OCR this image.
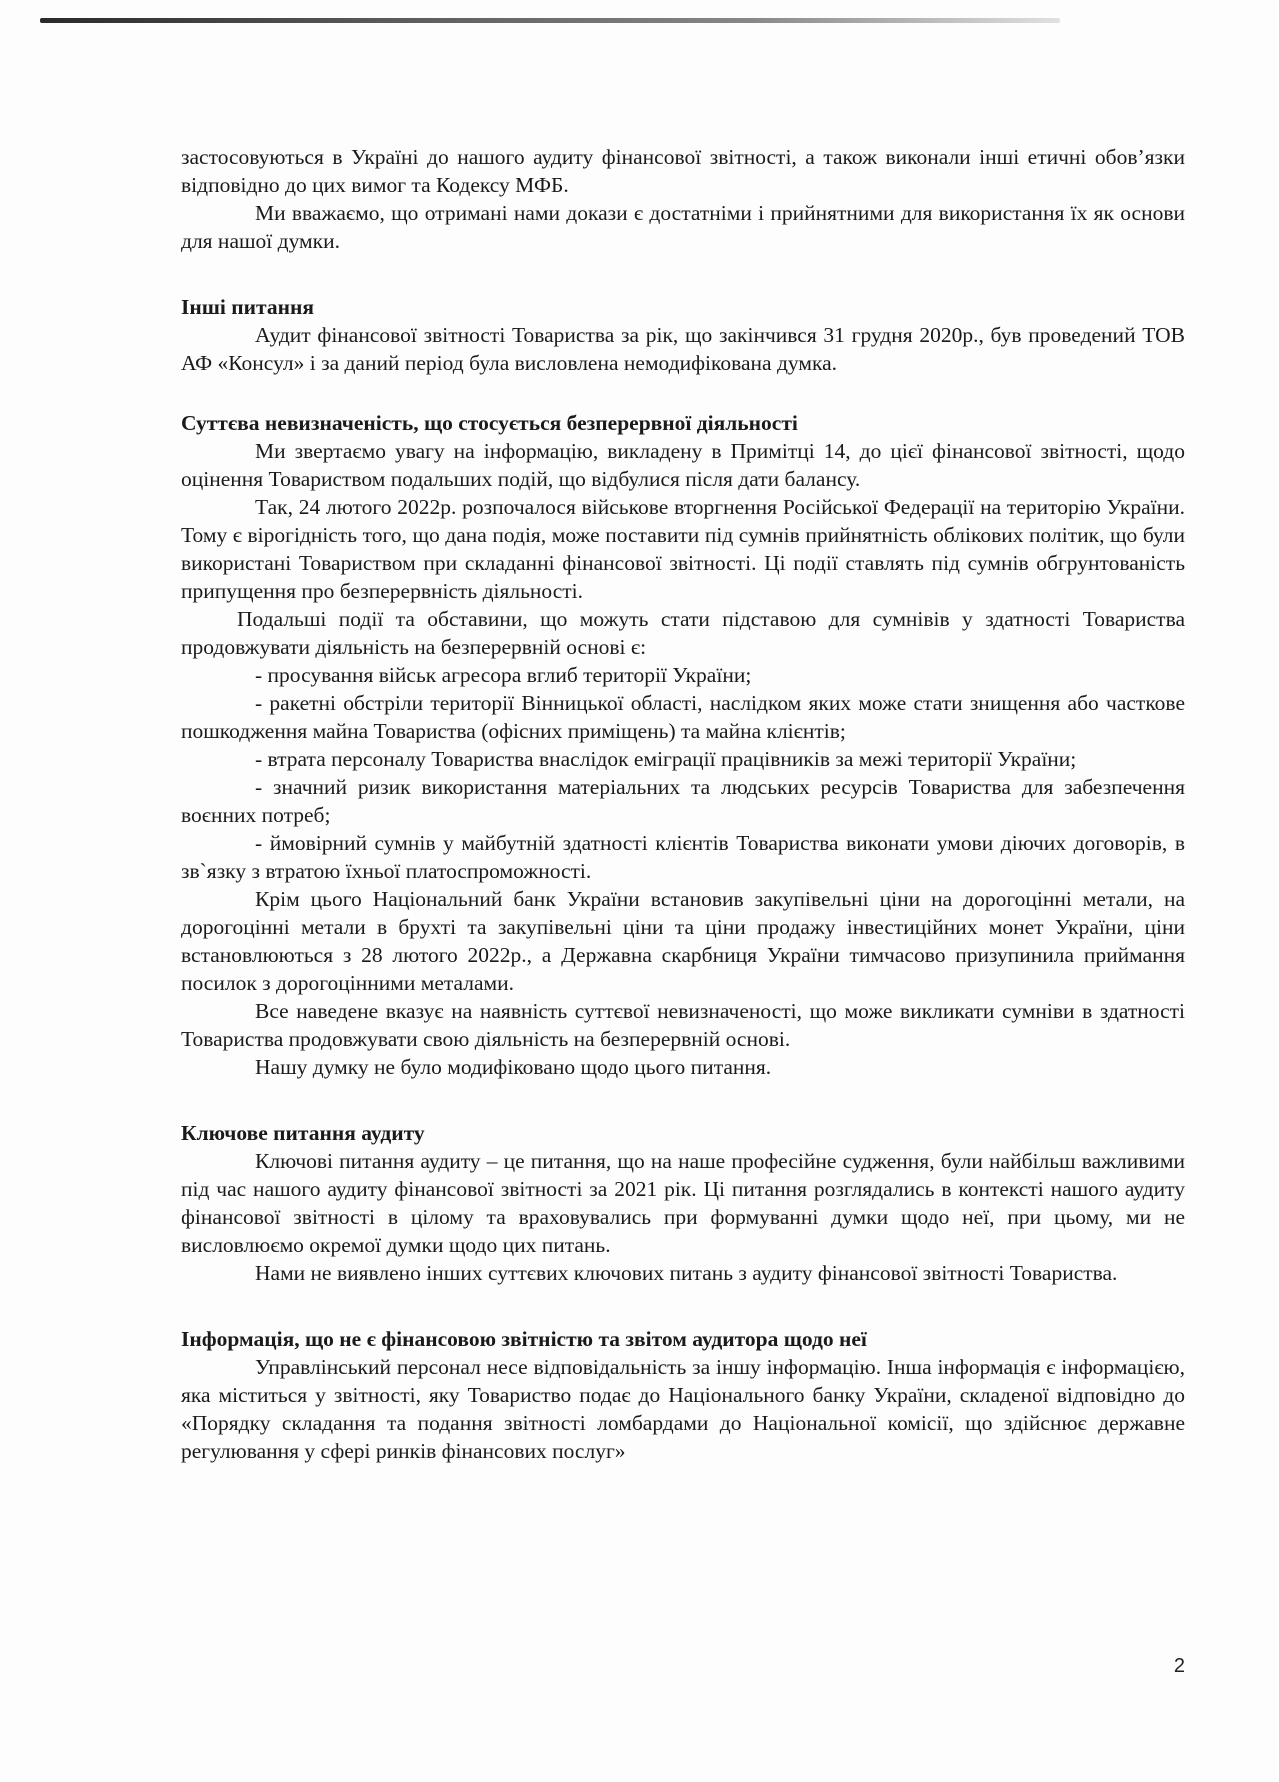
застосовуються в Україні до нашого аудиту фінансової звітності, а також виконали інші етичні обов’язки відповідно до цих вимог та Кодексу МФБ.

Ми вважаємо, що отримані нами докази є достатніми і прийнятними для використання їх як основи для нашої думки.

Інші питання

Аудит фінансової звітності Товариства за рік, що закінчився 31 грудня 2020р., був проведений ТОВ АФ «Консул» і за даний період була висловлена немодифікована думка.

Суттєва невизначеність, що стосується безперервної діяльності

Ми звертаємо увагу на інформацію, викладену в Примітці 14, до цієї фінансової звітності, щодо оцінення Товариством подальших подій, що відбулися після дати балансу.

Так, 24 лютого 2022р. розпочалося військове вторгнення Російської Федерації на територію України. Тому є вірогідність того, що дана подія, може поставити під сумнів прийнятність облікових політик, що були використані Товариством при складанні фінансової звітності. Ці події ставлять під сумнів обгрунтованість припущення про безперервність діяльності.

Подальші події та обставини, що можуть стати підставою для сумнівів у здатності Товариства продовжувати діяльність на безперервній основі є:

- просування військ агресора вглиб території України;

- ракетні обстріли території Вінницької області, наслідком яких може стати знищення або часткове пошкодження майна Товариства (офісних приміщень) та майна клієнтів;

- втрата персоналу Товариства внаслідок еміграції працівників за межі території України;

- значний ризик використання матеріальних та людських ресурсів Товариства для забезпечення воєнних потреб;

- ймовірний сумнів у майбутній здатності клієнтів Товариства виконати умови діючих договорів, в зв`язку з втратою їхньої платоспроможності.

Крім цього Національний банк України встановив закупівельні ціни на дорогоцінні метали, на дорогоцінні метали в брухті та закупівельні ціни та ціни продажу інвестиційних монет України, ціни встановлюються з 28 лютого 2022р., а Державна скарбниця України тимчасово призупинила приймання посилок з дорогоцінними металами.

Все наведене вказує на наявність суттєвої невизначеності, що може викликати сумніви в здатності Товариства продовжувати свою діяльність на безперервній основі.

Нашу думку не було модифіковано щодо цього питання.

Ключове питання аудиту

Ключові питання аудиту – це питання, що на наше професійне судження, були найбільш важливими під час нашого аудиту фінансової звітності за 2021 рік. Ці питання розглядались в контексті нашого аудиту фінансової звітності в цілому та враховувались при формуванні думки щодо неї, при цьому, ми не висловлюємо окремої думки щодо цих питань.

Нами не виявлено інших суттєвих ключових питань з аудиту фінансової звітності Товариства.

Інформація, що не є фінансовою звітністю та звітом аудитора щодо неї

Управлінський персонал несе відповідальність за іншу інформацію. Інша інформація є інформацією, яка міститься у звітності, яку Товариство подає до Національного банку України, складеної відповідно до «Порядку складання та подання звітності ломбардами до Національної комісії, що здійснює державне регулювання у сфері ринків фінансових послуг»

2
